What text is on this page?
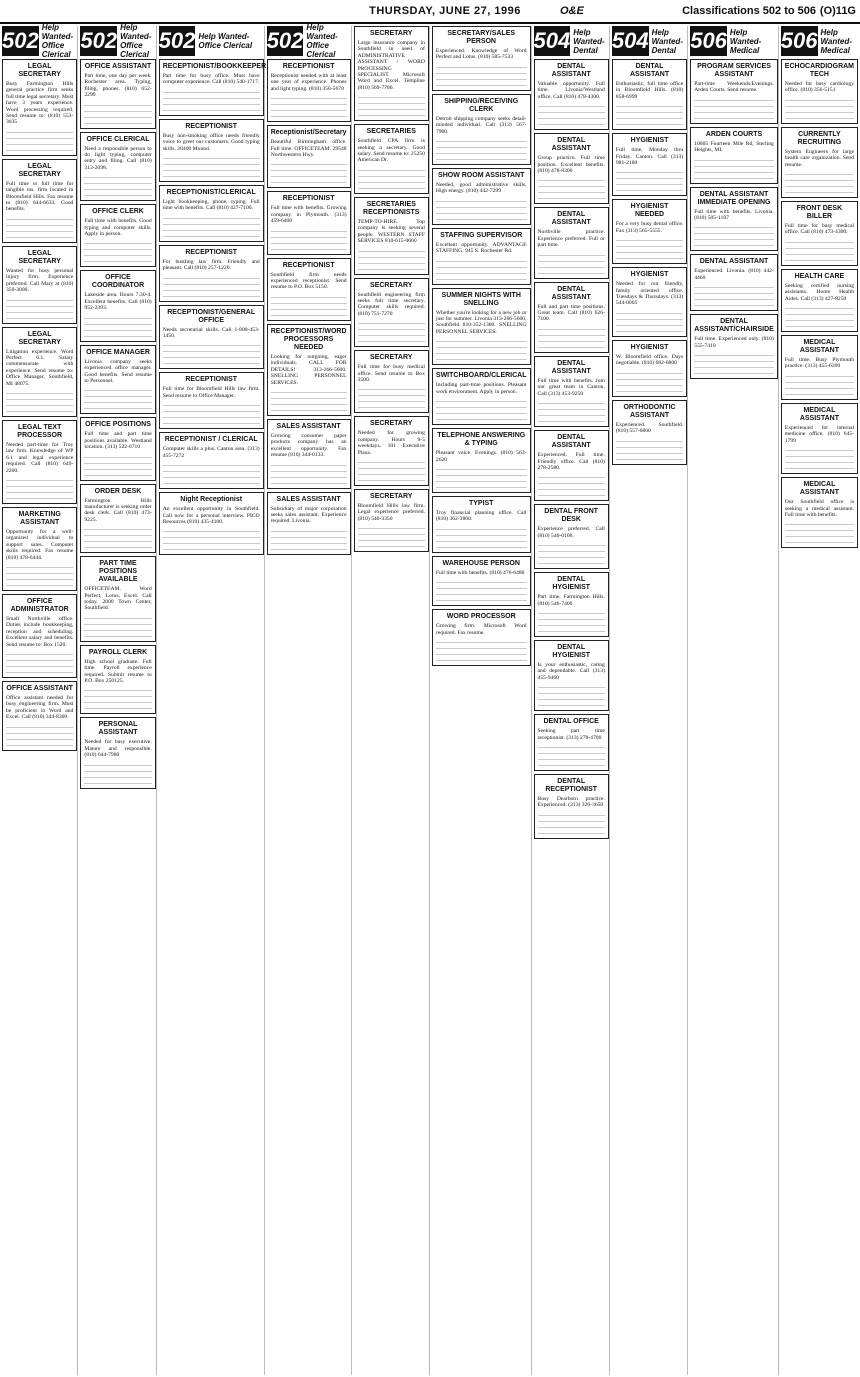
THURSDAY, JUNE 27, 1996	O&E	Classifications 502 to 506 (O)11G
502
Help Wanted-Office Clerical
LEGAL SECRETARY
Busy Farmington Hills general practice firm seeks full time legal secretary. Must have 3 years experience. Word processing required. Send resume to: (810) 553-3035
LEGAL SECRETARY
Full time or full time for tangible ins. firm located in Bloomfield Hills. Fax resume to (810) 644-6633. Good benefits.
LEGAL SECRETARY
Wanted for busy personal injury firm. Experience preferred. Call Mary at (810) 350-3000.
LEGAL SECRETARY
Litigation experience. Word Perfect 6.1. Salary commensurate with experience. Send resume to: Office Manager, Southfield, MI 48075.
LEGAL TEXT PROCESSOR
Needed part-time for Troy law firm. Knowledge of WP 6.1 and legal experience required. Call (810) 649-2200.
MARKETING ASSISTANT
Opportunity for a well-organized individual to support sales. Computer skills required. Fax resume (810) 478-6444.
OFFICE ADMINISTRATOR
Small Northville office. Duties include bookkeeping, reception and scheduling. Excellent salary and benefits. Send resume to: Box 1520.
OFFICE ASSISTANT
Office assistant needed for busy engineering firm. Must be proficient in Word and Excel. Call (810) 344-8300.
502
Help Wanted-Office Clerical
OFFICE ASSISTANT
Part time, one day per week. Rochester area. Typing, filing, phones. (810) 652-2299
OFFICE CLERICAL
Need a responsible person to do light typing, computer entry and filing. Call (810) 313-2098.
OFFICE CLERK
Full time with benefits. Good typing and computer skills. Apply in person.
OFFICE COORDINATOR
Lakeside area. Hours 7:30-4. Excellent benefits. Call (810) 952-2393.
OFFICE MANAGER
Livonia company seeks experienced office manager. Good benefits. Send resume to Personnel.
OFFICE POSITIONS
Full time and part time positions available. Westland location. (313) 522-0710
ORDER DESK
Farmington Hills manufacturer is seeking order desk clerk. Call (810) 473-9225.
PART TIME POSITIONS AVAILABLE
OFFICETEAM. Word Perfect, Lotus, Excel. Call today. 2000 Town Center, Southfield.
PAYROLL CLERK
High school graduate. Full time. Payroll experience required. Submit resume to P.O. Box 250125.
PERSONAL ASSISTANT
Needed for busy executive. Mature and responsible. (810) 644-7980
502 Help Wanted-Office Clerical
RECEPTIONIST/BOOKKEEPER
Part time for busy office. Must have computer experience. Call (810) 540-1717.
RECEPTIONIST
Busy non-smoking office needs friendly voice to greet our customers. Good typing skills. 28400 Mound.
RECEPTIONIST/CLERICAL
Light bookkeeping, phone, typing. Full time with benefits. Call (810) 427-7100.
RECEPTIONIST
For bustling law firm. Friendly and pleasant. Call (810) 257-1220.
RECEPTIONIST/GENERAL OFFICE
Needs secretarial skills. Call 1-800-453-1450.
RECEPTIONIST
Full time for Bloomfield Hills law firm. Send resume to Office Manager.
RECEPTIONIST / CLERICAL
Computer skills a plus. Canton area. (313) 455-7272
Night Receptionist
An excellent opportunity in Southfield. Call now for a personal interview. PICO Resources (810) 435-4100.
502
Help Wanted-Office Clerical
RECEPTIONIST
Receptionist needed with at least one year of experience. Phones and light typing. (810) 358-5670
Receptionist/Secretary
Beautiful Birmingham office. Full time. OFFICETEAM. 29548 Northwestern Hwy.
RECEPTIONIST
Full time with benefits. Growing company in Plymouth. (313) 459-6400
RECEPTIONIST
Southfield firm needs experienced receptionist. Send resume to P.O. Box 5150.
RECEPTIONIST/WORD PROCESSORS NEEDED
Looking for outgoing, eager individuals. CALL FOR DETAILS! 313-266-5600. SNELLING PERSONNEL SERVICES.
SALES ASSISTANT
Growing consumer paper products company has an excellent opportunity. Fax resume (810) 344-0133.
SALES ASSISTANT
Subsidiary of major corporation seeks sales assistant. Experience required. Livonia.
SECRETARY
Large insurance company in Southfield in need of ADMINISTRATIVE ASSISTANT / WORD PROCESSING SPECIALIST. Microsoft Word and Excel. Templine (810) 569-7700.
SECRETARIES
Southfield CPA firm is seeking a secretary. Good salary. Send resume to: 25250 American Dr.
SECRETARIES RECEPTIONISTS
TEMP-TO-HIRE. Top company is seeking several people. WESTERN STAFF SERVICES 810-615-0660
SECRETARY
Southfield engineering firm seeks full time secretary. Computer skills required. (810) 751-7270
SECRETARY
Full time for busy medical office. Send resume to Box 3500.
SECRETARY
Needed for growing company. Hours 9-5 weekdays. 101 Executive Plaza.
SECRETARY
Bloomfield Hills law firm. Legal experience preferred. (810) 540-3350
SECRETARY/SALES PERSON
Experienced. Knowledge of Word Perfect and Lotus. (810) 585-7533
SHIPPING/RECEIVING CLERK
Detroit shipping company seeks detail-minded individual. Call (313) 567-7900.
SHOW ROOM ASSISTANT
Needed, good administrative skills. High energy. (810) 442-7299
STAFFING SUPERVISOR
Excellent opportunity. ADVANTAGE STAFFING. 945 S. Rochester Rd.
SUMMER NIGHTS WITH SNELLING
Whether you're looking for a new job or just for summer. Livonia 313-266-5600, Southfield 810-352-1300. SNELLING PERSONNEL SERVICES.
SWITCHBOARD/CLERICAL
Including part-time positions. Pleasant work environment. Apply in person.
TELEPHONE ANSWERING & TYPING
Pleasant voice. Evenings. (810) 563-2620
TYPIST
Troy financial planning office. Call (810) 362-3800.
WAREHOUSE PERSON
Full time with benefits. (810) 476-6480
WORD PROCESSOR
Growing firm. Microsoft Word required. Fax resume.
504 Help Wanted-Dental
DENTAL ASSISTANT
Valuable opportunity. Full time. Livonia/Westland office. Call (810) 478-4300.
DENTAL ASSISTANT
Group practice. Full time position. Excellent benefits. (810) 478-8300
DENTAL ASSISTANT
Northville practice. Experience preferred. Full or part time.
DENTAL ASSISTANT
Full and part time positions. Great team. Call (810) 626-7100.
DENTAL ASSISTANT
Full time with benefits. Join our great team in Canton. Call (313) 453-9250
DENTAL ASSISTANT
Experienced. Full time. Friendly office. Call (810) 278-2580.
DENTAL FRONT DESK
Experience preferred. Call (810) 540-0100.
DENTAL HYGIENIST
Part time. Farmington Hills. (810) 546-7400
DENTAL HYGIENIST
Is your enthusiastic, caring and dependable. Call (313) 455-9460
DENTAL OFFICE
Seeking part time receptionist. (313) 278-4700
DENTAL RECEPTIONIST
Busy Dearborn practice. Experienced. (313) 326-3650
504 Help Wanted-Dental
DENTAL ASSISTANT
Enthusiastic, full time office in Bloomfield Hills. (810) 858-6999
HYGIENIST
Full time, Monday thru Friday. Canton. Call (313) 981-2180
HYGIENIST NEEDED
For a very busy dental office. Fax (313) 565-5555.
HYGIENIST
Needed for our friendly, family oriented office. Tuesdays & Thursdays. (313) 544-0005
HYGIENIST
W. Bloomfield office. Days negotiable. (810) 682-6800
ORTHODONTIC ASSISTANT
Experienced. Southfield. (810) 557-6860
506 Help Wanted-Medical
PROGRAM SERVICES ASSISTANT
Part-time Weekends/Evenings. Arden Courts. Send resume.
ARDEN COURTS
10005 Fourteen Mile Rd, Sterling Heights, MI.
DENTAL ASSISTANT IMMEDIATE OPENING
Full time with benefits. Livonia. (810) 505-1107
DENTAL ASSISTANT
Experienced. Livonia. (810) 442-4460
DENTAL ASSISTANT/CHAIRSIDE
Full time. Experienced only. (810) 555-7410
506 Help Wanted-Medical
ECHOCARDIOGRAM TECH
Needed for busy cardiology office. (810) 356-5151
CURRENTLY RECRUITING
System Engineers for large health care organization. Send resume.
FRONT DESK BILLER
Full time for busy medical office. Call (810) 473-4300.
HEALTH CARE
Seeking certified nursing assistants. Home Health Aides. Call (313) 427-8250
MEDICAL ASSISTANT
Full time. Busy Plymouth practice. (313) 455-6200
MEDICAL ASSISTANT
Experienced for internal medicine office. (810) 645-1799
MEDICAL ASSISTANT
Our Southfield office is seeking a medical assistant. Full time with benefits.
